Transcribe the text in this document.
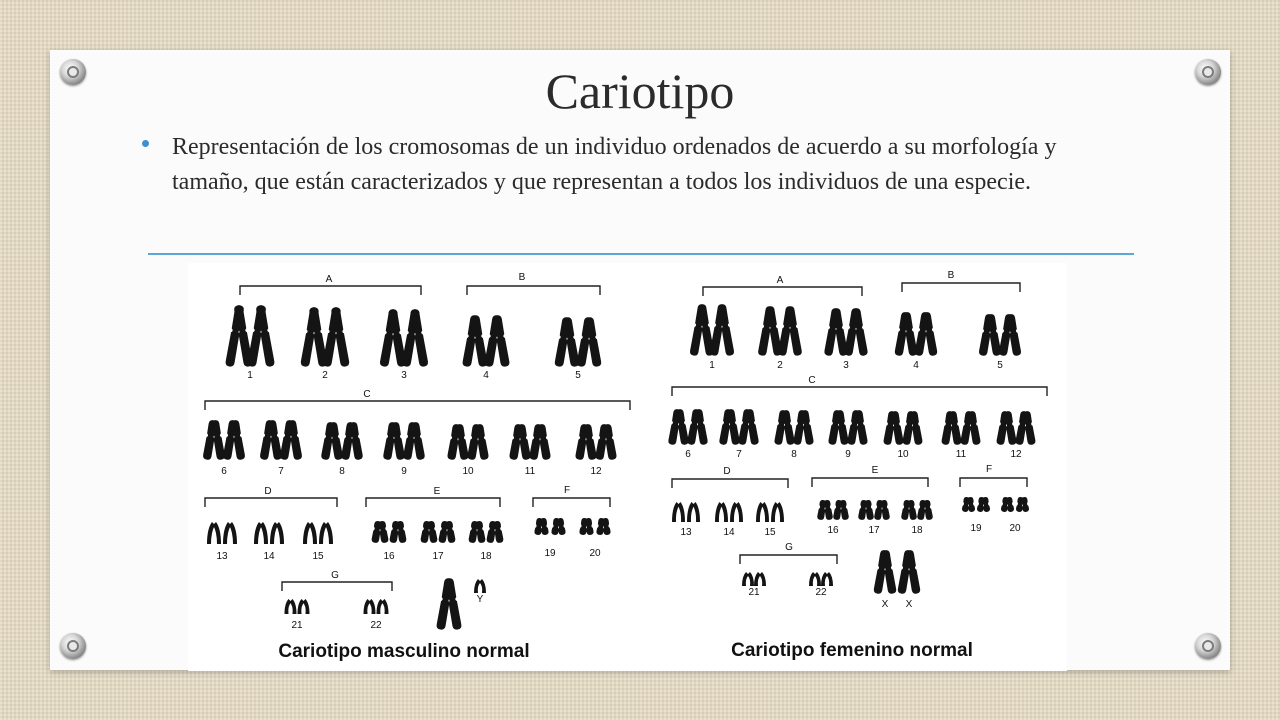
Cariotipo
Representación de los cromosomas de un individuo ordenados de acuerdo a su morfología y tamaño, que están caracterizados y que representan a todos los individuos de una especie.
A	B
1	2	3	4	5
C
6	7	8	9	10	11	12
D	E	F
13	14	15	16	17	18	19	20
G
21	22
Y
Cariotipo masculino normal
A	B
1	2	3	4	5
C
6	7	8	9	10	11	12
D	E	F
13	14	15	16	17	18	19	20
G
21	22
X X
Cariotipo femenino normal
